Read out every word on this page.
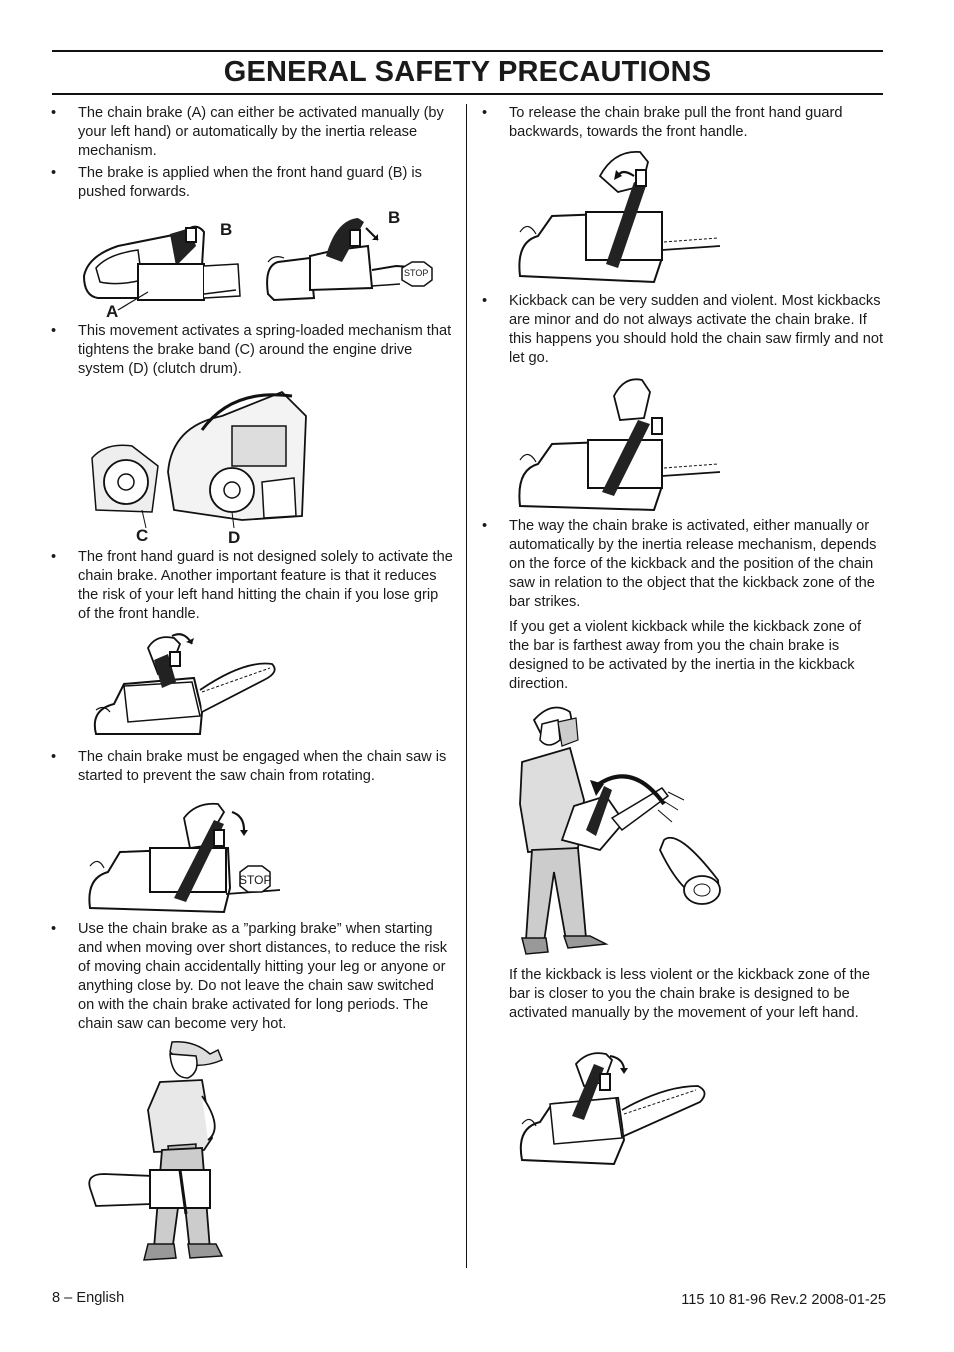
GENERAL SAFETY PRECAUTIONS

• The chain brake (A) can either be activated manually (by your left hand) or automatically by the inertia release mechanism.

• The brake is applied when the front hand guard (B) is pushed forwards.

A
B
B
STOP

• This movement activates a spring-loaded mechanism that tightens the brake band (C) around the engine drive system (D) (clutch drum).

C	D

• The front hand guard is not designed solely to activate the chain brake. Another important feature is that it reduces the risk of your left hand hitting the chain if you lose grip of the front handle.

• The chain brake must be engaged when the chain saw is started to prevent the saw chain from rotating.

STOP

• Use the chain brake as a ”parking brake” when starting and when moving over short distances, to reduce the risk of moving chain accidentally hitting your leg or anyone or anything close by. Do not leave the chain saw switched on with the chain brake activated for long periods. The chain saw can become very hot.

• To release the chain brake pull the front hand guard backwards, towards the front handle.

• Kickback can be very sudden and violent. Most kickbacks are minor and do not always activate the chain brake. If this happens you should hold the chain saw firmly and not let go.

• The way the chain brake is activated, either manually or automatically by the inertia release mechanism, depends on the force of the kickback and the position of the chain saw in relation to the object that the kickback zone of the bar strikes.

If you get a violent kickback while the kickback zone of the bar is farthest away from you the chain brake is designed to be activated by the inertia in the kickback direction.

If the kickback is less violent or the kickback zone of the bar is closer to you the chain brake is designed to be activated manually by the movement of your left hand.

8 – English	115 10 81-96 Rev.2 2008-01-25
